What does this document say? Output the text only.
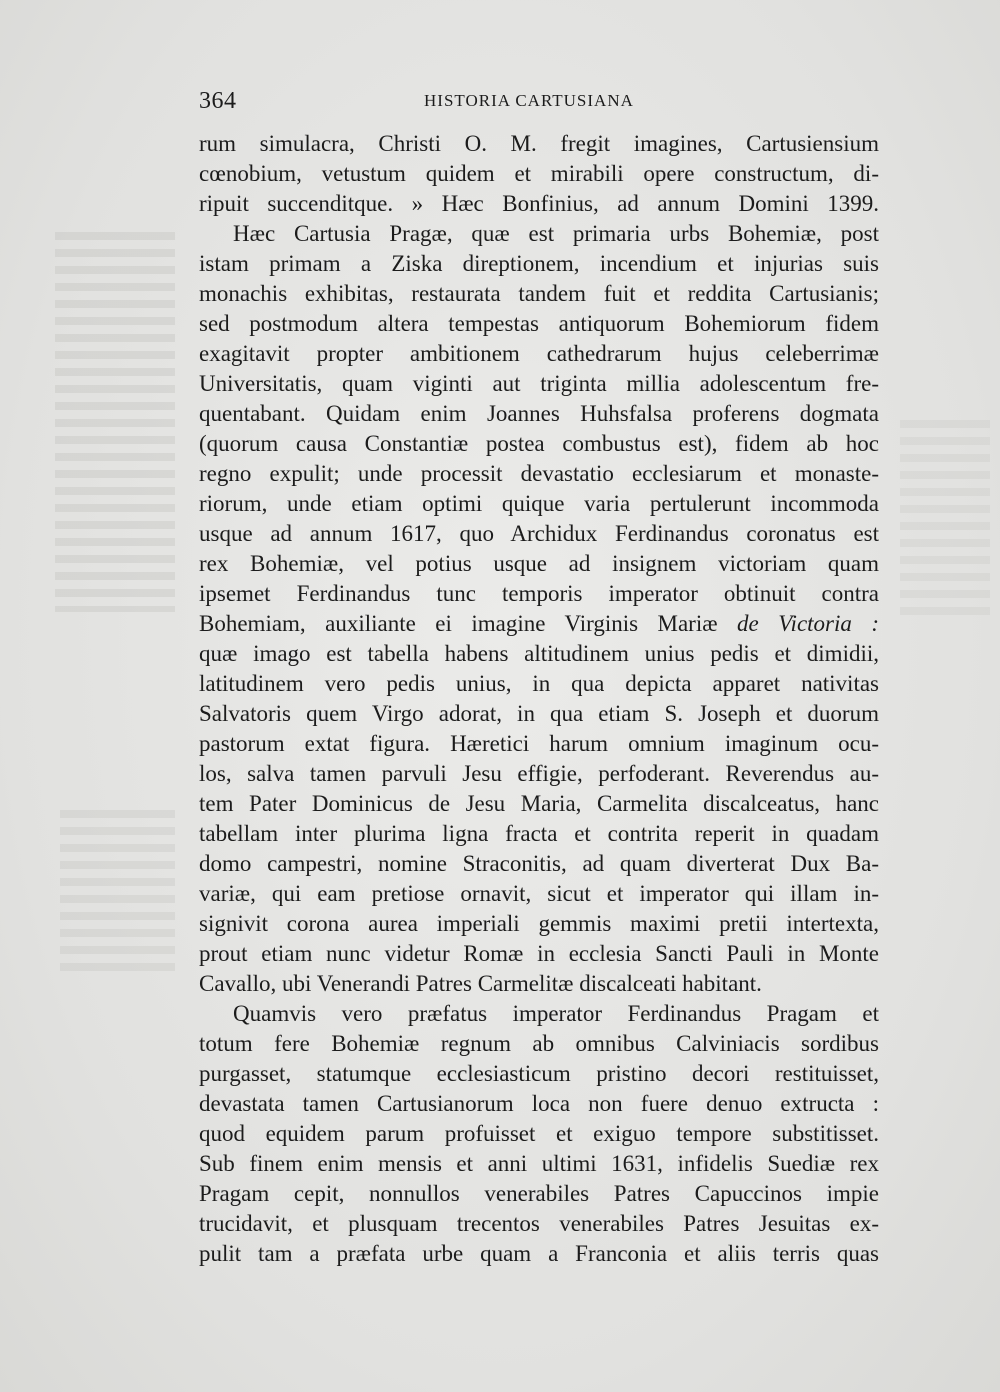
364	HISTORIA CARTUSIANA
rum simulacra, Christi O. M. fregit imagines, Cartusiensium
cœnobium, vetustum quidem et mirabili opere constructum, di-
ripuit succenditque. » Hæc Bonfinius, ad annum Domini 1399.
Hæc Cartusia Pragæ, quæ est primaria urbs Bohemiæ, post
istam primam a Ziska direptionem, incendium et injurias suis
monachis exhibitas, restaurata tandem fuit et reddita Cartusianis;
sed postmodum altera tempestas antiquorum Bohemiorum fidem
exagitavit propter ambitionem cathedrarum hujus celeberrimæ
Universitatis, quam viginti aut triginta millia adolescentum fre-
quentabant. Quidam enim Joannes Huhsfalsa proferens dogmata
(quorum causa Constantiæ postea combustus est), fidem ab hoc
regno expulit; unde processit devastatio ecclesiarum et monaste-
riorum, unde etiam optimi quique varia pertulerunt incommoda
usque ad annum 1617, quo Archidux Ferdinandus coronatus est
rex Bohemiæ, vel potius usque ad insignem victoriam quam
ipsemet Ferdinandus tunc temporis imperator obtinuit contra
Bohemiam, auxiliante ei imagine Virginis Mariæ de Victoria :
quæ imago est tabella habens altitudinem unius pedis et dimidii,
latitudinem vero pedis unius, in qua depicta apparet nativitas
Salvatoris quem Virgo adorat, in qua etiam S. Joseph et duorum
pastorum extat figura. Hæretici harum omnium imaginum ocu-
los, salva tamen parvuli Jesu effigie, perfoderant. Reverendus au-
tem Pater Dominicus de Jesu Maria, Carmelita discalceatus, hanc
tabellam inter plurima ligna fracta et contrita reperit in quadam
domo campestri, nomine Straconitis, ad quam diverterat Dux Ba-
variæ, qui eam pretiose ornavit, sicut et imperator qui illam in-
signivit corona aurea imperiali gemmis maximi pretii intertexta,
prout etiam nunc videtur Romæ in ecclesia Sancti Pauli in Monte
Cavallo, ubi Venerandi Patres Carmelitæ discalceati habitant.
Quamvis vero præfatus imperator Ferdinandus Pragam et
totum fere Bohemiæ regnum ab omnibus Calviniacis sordibus
purgasset, statumque ecclesiasticum pristino decori restituisset,
devastata tamen Cartusianorum loca non fuere denuo extructa :
quod equidem parum profuisset et exiguo tempore substitisset.
Sub finem enim mensis et anni ultimi 1631, infidelis Suediæ rex
Pragam cepit, nonnullos venerabiles Patres Capuccinos impie
trucidavit, et plusquam trecentos venerabiles Patres Jesuitas ex-
pulit tam a præfata urbe quam a Franconia et aliis terris quas
